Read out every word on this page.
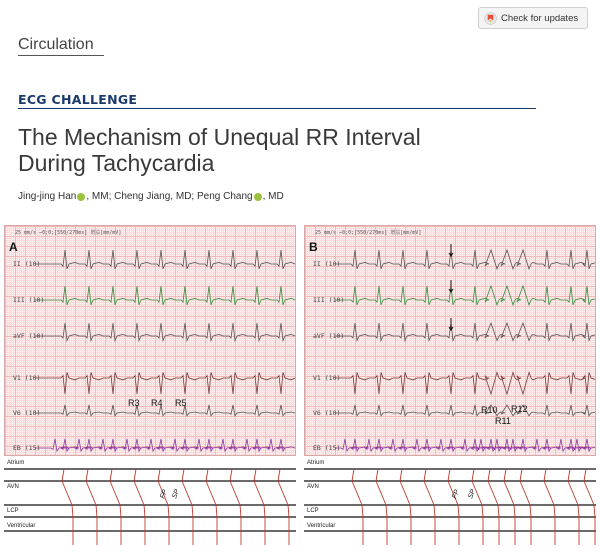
Check for updates
Circulation
ECG CHALLENGE
The Mechanism of Unequal RR Interval
During Tachycardia
Jing-jing Han , MM; Cheng Jiang, MD; Peng Chang , MD
25 mm/s ←0;0;[550/270ms] 增益[mm/mV]
A
II (10)
III (10)
aVF (10)
V1 (10)
V6 (10)
EB (15)
R3 R4 R5
FP SP
Atrium
AVN
LCP
Ventricular
25 mm/s ←0;0;[550/270ms] 增益[mm/mV]
B
II (10)
III (10)
aVF (10)
V1 (10)
V6 (10)
EB (15)
R10
R11
R12
FP SP
Atrium
AVN
LCP
Ventricular
